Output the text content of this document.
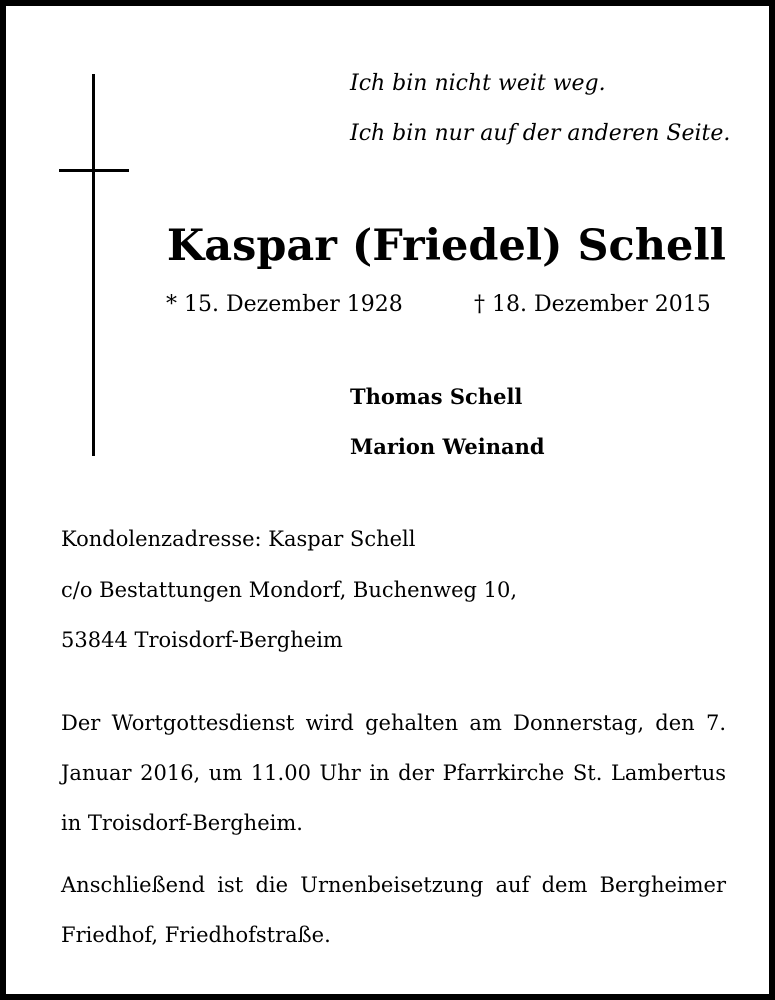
Ich bin nicht weit weg.
Ich bin nur auf der anderen Seite.
Kaspar (Friedel) Schell
* 15. Dezember 1928	† 18. Dezember 2015
Thomas Schell
Marion Weinand
Kondolenzadresse: Kaspar Schell
c/o Bestattungen Mondorf, Buchenweg 10,
53844 Troisdorf-Bergheim
Der Wortgottesdienst wird gehalten am Donnerstag, den 7. Januar 2016, um 11.00 Uhr in der Pfarrkirche St. Lambertus in Troisdorf-Bergheim.
Anschließend ist die Urnenbeisetzung auf dem Bergheimer Friedhof, Friedhofstraße.
